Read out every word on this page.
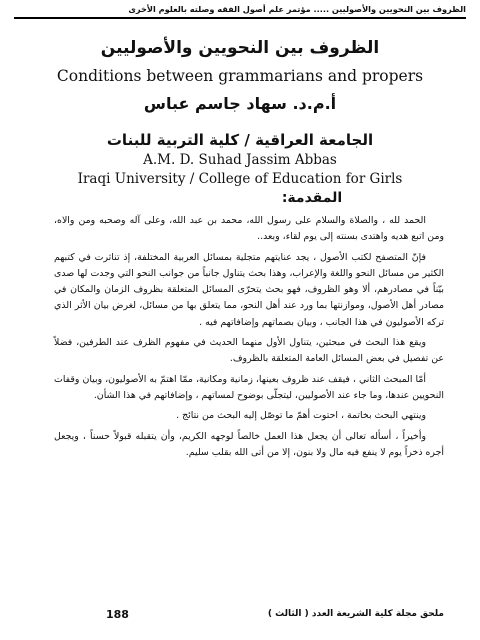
الظروف بين النحويين والأصوليين ..... مؤتمر علم أصول الفقه وصلته بالعلوم الأخرى
الظروف بين النحويين والأصوليين
Conditions between grammarians and propers
أ.م.د. سهاد جاسم عباس
الجامعة العراقية / كلية التربية للبنات
A.M. D. Suhad Jassim Abbas
Iraqi University / College of Education for Girls
المقدمة:

الحمد لله ، والصلاة والسلام على رسول الله، محمد بن عبد الله، وعلى آله وصحبه ومن والاه، ومن اتبع هديه واهتدى بسنته إلى يوم لقاء، وبعد..

فإنّ المتصفح لكتب الأصول ، يجد عنايتهم متجلية بمسائل العربية المختلفة، إذ تناثرت في كتبهم الكثير من مسائل النحو واللغة والإعراب، وهذا بحث يتناول جانباً من جوانب النحو التي وجدت لها صدى بيّناً في مصادرهم، ألا وهو الظروف، فهو بحث يتحرّى المسائل المتعلقة بظروف الزمان والمكان في مصادر أهل الأصول، وموازنتها بما ورد عند أهل النحو، مما يتعلق بها من مسائل، لغرض بيان الأثر الذي تركه الأصوليون في هذا الجانب ، وبيان بصماتهم وإضافاتهم فيه .

ويقع هذا البحث في مبحثين، يتناول الأول منهما الحديث في مفهوم الظرف عند الطرفين، فضلاً عن تفصيل في بعض المسائل العامة المتعلقة بالظروف.

أمّا المبحث الثاني ، فيقف عند ظروف بعينها، زمانية ومكانية، ممّا اهتمّ به الأصوليون، وبيان وقفات النحويين عندها، وما جاء عند الأصوليين، ليتجلّى بوضوح لمساتهم ، وإضافاتهم في هذا الشأن.

وينتهي البحث بخاتمة ، احتوت أهمّ ما توصّل إليه البحث من نتائج .

وأخيراً ، أسأله تعالى أن يجعل هذا العمل خالصاً لوجهه الكريم، وأن يتقبله قبولاً حسناً ، ويجعل أجره ذخراً يوم لا ينفع فيه مال ولا بنون، إلا من أتى الله بقلب سليم.

188	ملحق مجلة كلية الشريعة العدد ( الثالث )
